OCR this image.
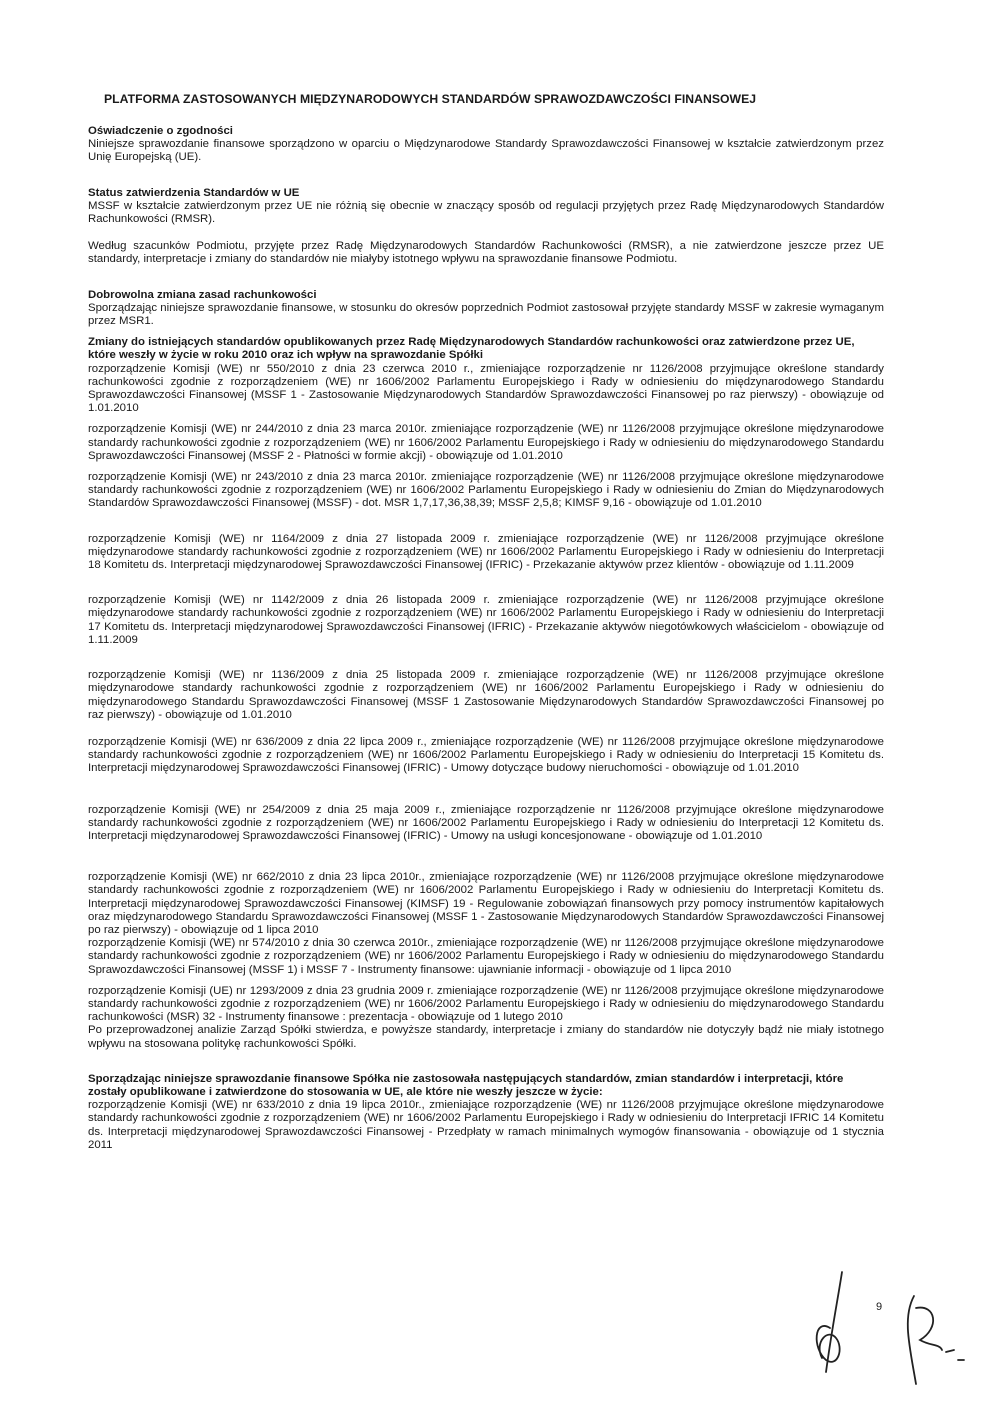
PLATFORMA ZASTOSOWANYCH MIĘDZYNARODOWYCH STANDARDÓW SPRAWOZDAWCZOŚCI FINANSOWEJ
Oświadczenie o zgodności
Niniejsze sprawozdanie finansowe sporządzono w oparciu o Międzynarodowe Standardy Sprawozdawczości Finansowej w kształcie zatwierdzonym przez Unię Europejską (UE).
Status zatwierdzenia Standardów w UE
MSSF w kształcie zatwierdzonym przez UE nie różnią się obecnie w znaczący sposób od regulacji przyjętych przez Radę Międzynarodowych Standardów Rachunkowości (RMSR).
Według szacunków Podmiotu, przyjęte przez Radę Międzynarodowych Standardów Rachunkowości (RMSR), a nie zatwierdzone jeszcze przez UE standardy, interpretacje i zmiany do standardów nie miałyby istotnego wpływu na sprawozdanie finansowe Podmiotu.
Dobrowolna zmiana zasad rachunkowości
Sporządzając niniejsze sprawozdanie finansowe, w stosunku do okresów poprzednich Podmiot zastosował przyjęte standardy MSSF w zakresie wymaganym przez MSR1.
Zmiany do istniejących standardów opublikowanych przez Radę Międzynarodowych Standardów rachunkowości oraz zatwierdzone przez UE, które weszły w życie w roku 2010 oraz ich wpływ na sprawozdanie Spółki
rozporządzenie Komisji (WE) nr 550/2010 z dnia 23 czerwca 2010 r., zmieniające rozporządzenie nr 1126/2008 przyjmujące określone standardy rachunkowości zgodnie z rozporządzeniem (WE) nr 1606/2002 Parlamentu Europejskiego i Rady w odniesieniu do międzynarodowego Standardu Sprawozdawczości Finansowej (MSSF 1 - Zastosowanie Międzynarodowych Standardów Sprawozdawczości Finansowej po raz pierwszy) - obowiązuje od 1.01.2010
rozporządzenie Komisji (WE) nr 244/2010 z dnia 23 marca 2010r. zmieniające rozporządzenie (WE) nr 1126/2008 przyjmujące określone międzynarodowe standardy rachunkowości zgodnie z rozporządzeniem (WE) nr 1606/2002 Parlamentu Europejskiego i Rady w odniesieniu do międzynarodowego Standardu Sprawozdawczości Finansowej (MSSF 2 - Płatności w formie akcji) - obowiązuje od 1.01.2010
rozporządzenie Komisji (WE) nr 243/2010 z dnia 23 marca 2010r. zmieniające rozporządzenie (WE) nr 1126/2008 przyjmujące określone międzynarodowe standardy rachunkowości zgodnie z rozporządzeniem (WE) nr 1606/2002 Parlamentu Europejskiego i Rady w odniesieniu do Zmian do Międzynarodowych Standardów Sprawozdawczości Finansowej (MSSF) - dot. MSR 1,7,17,36,38,39; MSSF 2,5,8; KIMSF 9,16 - obowiązuje od 1.01.2010
rozporządzenie Komisji (WE) nr 1164/2009 z dnia 27 listopada 2009 r. zmieniające rozporządzenie (WE) nr 1126/2008 przyjmujące określone międzynarodowe standardy rachunkowości zgodnie z rozporządzeniem (WE) nr 1606/2002 Parlamentu Europejskiego i Rady w odniesieniu do Interpretacji 18 Komitetu ds. Interpretacji międzynarodowej Sprawozdawczości Finansowej (IFRIC) - Przekazanie aktywów przez klientów - obowiązuje od 1.11.2009
rozporządzenie Komisji (WE) nr 1142/2009 z dnia 26 listopada 2009 r. zmieniające rozporządzenie (WE) nr 1126/2008 przyjmujące określone międzynarodowe standardy rachunkowości zgodnie z rozporządzeniem (WE) nr 1606/2002 Parlamentu Europejskiego i Rady w odniesieniu do Interpretacji 17 Komitetu ds. Interpretacji międzynarodowej Sprawozdawczości Finansowej (IFRIC) - Przekazanie aktywów niegotówkowych właścicielom - obowiązuje od 1.11.2009
rozporządzenie Komisji (WE) nr 1136/2009 z dnia 25 listopada 2009 r. zmieniające rozporządzenie (WE) nr 1126/2008 przyjmujące określone międzynarodowe standardy rachunkowości zgodnie z rozporządzeniem (WE) nr 1606/2002 Parlamentu Europejskiego i Rady w odniesieniu do międzynarodowego Standardu Sprawozdawczości Finansowej (MSSF 1 Zastosowanie Międzynarodowych Standardów Sprawozdawczości Finansowej po raz pierwszy) - obowiązuje od 1.01.2010
rozporządzenie Komisji (WE) nr 636/2009 z dnia 22 lipca 2009 r., zmieniające rozporządzenie (WE) nr 1126/2008 przyjmujące określone międzynarodowe standardy rachunkowości zgodnie z rozporządzeniem (WE) nr 1606/2002 Parlamentu Europejskiego i Rady w odniesieniu do Interpretacji 15 Komitetu ds. Interpretacji międzynarodowej Sprawozdawczości Finansowej (IFRIC) - Umowy dotyczące budowy nieruchomości - obowiązuje od 1.01.2010
rozporządzenie Komisji (WE) nr 254/2009 z dnia 25 maja 2009 r., zmieniające rozporządzenie nr 1126/2008 przyjmujące określone międzynarodowe standardy rachunkowości zgodnie z rozporządzeniem (WE) nr 1606/2002 Parlamentu Europejskiego i Rady w odniesieniu do Interpretacji 12 Komitetu ds. Interpretacji międzynarodowej Sprawozdawczości Finansowej (IFRIC) - Umowy na usługi koncesjonowane - obowiązuje od 1.01.2010
rozporządzenie Komisji (WE) nr 662/2010 z dnia 23 lipca 2010r., zmieniające rozporządzenie (WE) nr 1126/2008 przyjmujące określone międzynarodowe standardy rachunkowości zgodnie z rozporządzeniem (WE) nr 1606/2002 Parlamentu Europejskiego i Rady w odniesieniu do Interpretacji Komitetu ds. Interpretacji międzynarodowej Sprawozdawczości Finansowej (KIMSF) 19 - Regulowanie zobowiązań finansowych przy pomocy instrumentów kapitałowych oraz międzynarodowego Standardu Sprawozdawczości Finansowej (MSSF 1 - Zastosowanie Międzynarodowych Standardów Sprawozdawczości Finansowej po raz pierwszy) - obowiązuje od 1 lipca 2010
rozporządzenie Komisji (WE) nr 574/2010 z dnia 30 czerwca 2010r., zmieniające rozporządzenie (WE) nr 1126/2008 przyjmujące określone międzynarodowe standardy rachunkowości zgodnie z rozporządzeniem (WE) nr 1606/2002 Parlamentu Europejskiego i Rady w odniesieniu do międzynarodowego Standardu Sprawozdawczości Finansowej (MSSF 1) i MSSF 7 - Instrumenty finansowe: ujawnianie informacji - obowiązuje od 1 lipca 2010
rozporządzenie Komisji (UE) nr 1293/2009 z dnia 23 grudnia 2009 r. zmieniające rozporządzenie (WE) nr 1126/2008 przyjmujące określone międzynarodowe standardy rachunkowości zgodnie z rozporządzeniem (WE) nr 1606/2002 Parlamentu Europejskiego i Rady w odniesieniu do międzynarodowego Standardu rachunkowości (MSR) 32 - Instrumenty finansowe : prezentacja - obowiązuje od 1 lutego 2010
Po przeprowadzonej analizie Zarząd Spółki stwierdza, e powyższe standardy, interpretacje i zmiany do standardów nie dotyczyły bądź nie miały istotnego wpływu na stosowana politykę rachunkowości Spółki.
Sporządzając niniejsze sprawozdanie finansowe Spółka nie zastosowała następujących standardów, zmian standardów i interpretacji, które zostały opublikowane i zatwierdzone do stosowania w UE, ale które nie weszły jeszcze w życie:
rozporządzenie Komisji (WE) nr 633/2010 z dnia 19 lipca 2010r., zmieniające rozporządzenie (WE) nr 1126/2008 przyjmujące określone międzynarodowe standardy rachunkowości zgodnie z rozporządzeniem (WE) nr 1606/2002 Parlamentu Europejskiego i Rady w odniesieniu do Interpretacji IFRIC 14 Komitetu ds. Interpretacji międzynarodowej Sprawozdawczości Finansowej - Przedpłaty w ramach minimalnych wymogów finansowania - obowiązuje od 1 stycznia 2011
9
